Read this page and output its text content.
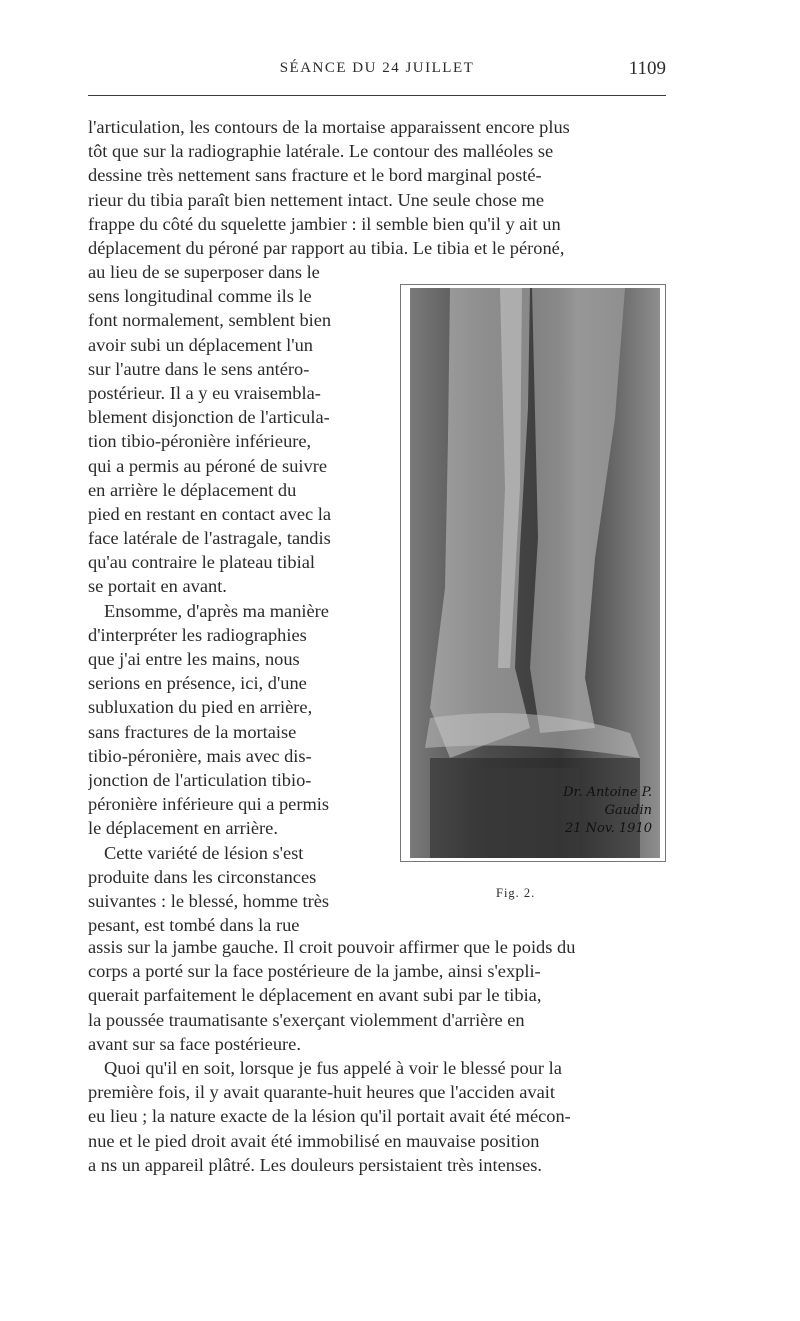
SÉANCE DU 24 JUILLET	1109
l'articulation, les contours de la mortaise apparaissent encore plus
tôt que sur la radiographie latérale. Le contour des malléoles se
dessine très nettement sans fracture et le bord marginal posté-
rieur du tibia paraît bien nettement intact. Une seule chose me
frappe du côté du squelette jambier : il semble bien qu'il y ait un
déplacement du péroné par rapport au tibia. Le tibia et le péroné,
au lieu de se superposer dans le
sens longitudinal comme ils le
font normalement, semblent bien
avoir subi un déplacement l'un
sur l'autre dans le sens antéro-
postérieur. Il a y eu vraisembla-
blement disjonction de l'articula-
tion tibio-péronière inférieure,
qui a permis au péroné de suivre
en arrière le déplacement du
pied en restant en contact avec la
face latérale de l'astragale, tandis
qu'au contraire le plateau tibial
se portait en avant.
Ensomme, d'après ma manière
d'interpréter les radiographies
que j'ai entre les mains, nous
serions en présence, ici, d'une
subluxation du pied en arrière,
sans fractures de la mortaise
tibio-péronière, mais avec dis-
jonction de l'articulation tibio-
péronière inférieure qui a permis
le déplacement en arrière.
Cette variété de lésion s'est
produite dans les circonstances
suivantes : le blessé, homme très
pesant, est tombé dans la rue
Dr. Antoine P. Gaudin
21 Nov. 1910
Fig. 2.
assis sur la jambe gauche. Il croit pouvoir affirmer que le poids du
corps a porté sur la face postérieure de la jambe, ainsi s'expli-
querait parfaitement le déplacement en avant subi par le tibia,
la poussée traumatisante s'exerçant violemment d'arrière en
avant sur sa face postérieure.
Quoi qu'il en soit, lorsque je fus appelé à voir le blessé pour la
première fois, il y avait quarante-huit heures que l'acciden avait
eu lieu ; la nature exacte de la lésion qu'il portait avait été mécon-
nue et le pied droit avait été immobilisé en mauvaise position
a ns un appareil plâtré. Les douleurs persistaient très intenses.
